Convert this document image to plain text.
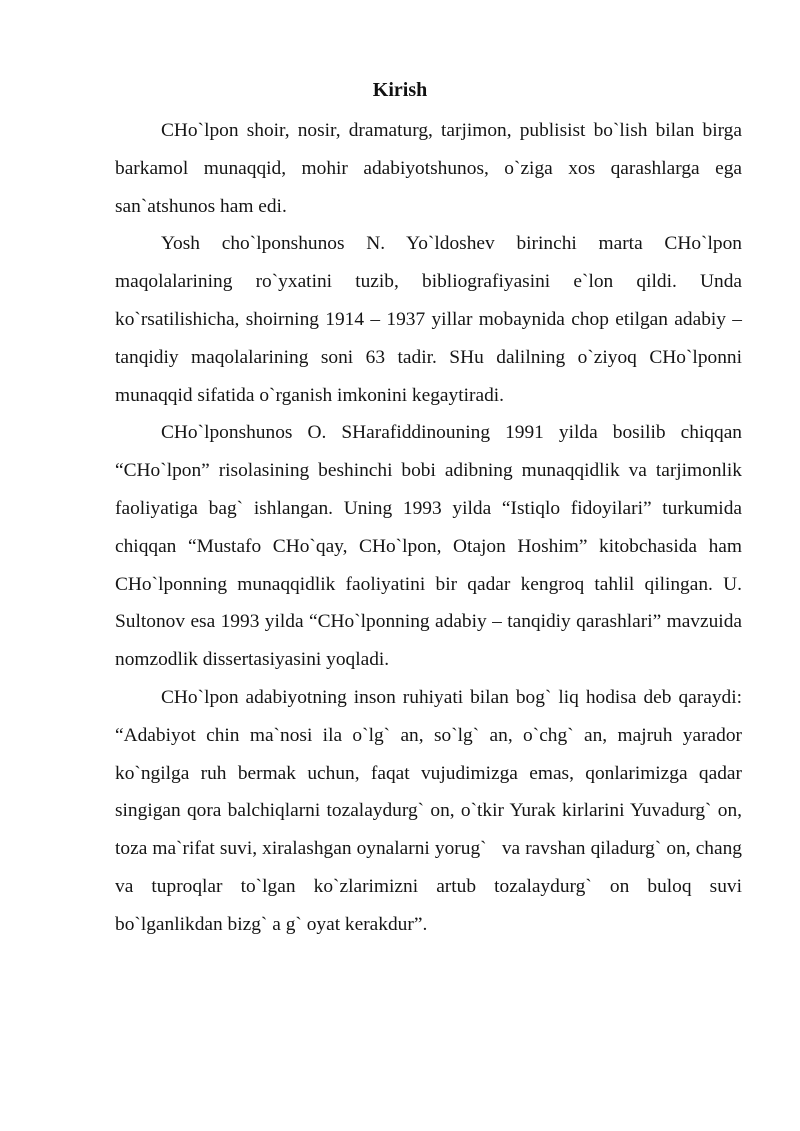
Kirish

CHo`lpon shoir, nosir, dramaturg, tarjimon, publisist bo`lish bilan birga barkamol munaqqid, mohir adabiyotshunos, o`ziga xos qarashlarga ega san`atshunos ham edi.

Yosh cho`lponshunos N. Yo`ldoshev birinchi marta CHo`lpon maqolalarining ro`yxatini tuzib, bibliografiyasini e`lon qildi. Unda ko`rsatilishicha, shoirning 1914 – 1937 yillar mobaynida chop etilgan adabiy – tanqidiy maqolalarining soni 63 tadir. SHu dalilning o`ziyoq CHo`lponni munaqqid sifatida o`rganish imkonini kegaytiradi.

CHo`lponshunos O. SHarafiddinouning 1991 yilda bosilib chiqqan “CHo`lpon” risolasining beshinchi bobi adibning munaqqidlik va tarjimonlik faoliyatiga bag` ishlangan. Uning 1993 yilda “Istiqlo fidoyilari” turkumida chiqqan “Mustafo CHo`qay, CHo`lpon, Otajon Hoshim” kitobchasida ham CHo`lponning munaqqidlik faoliyatini bir qadar kengroq tahlil qilingan. U. Sultonov esa 1993 yilda “CHo`lponning adabiy – tanqidiy qarashlari” mavzuida nomzodlik dissertasiyasini yoqladi.

CHo`lpon adabiyotning inson ruhiyati bilan bog` liq hodisa deb qaraydi: “Adabiyot chin ma`nosi ila o`lg` an, so`lg` an, o`chg` an, majruh yarador ko`ngilga ruh bermak uchun, faqat vujudimizga emas, qonlarimizga qadar singigan qora balchiqlarni tozalaydurg` on, o`tkir Yurak kirlarini Yuvadurg` on, toza ma`rifat suvi, xiralashgan oynalarni yorug`   va ravshan qiladurg` on, chang va tuproqlar to`lgan ko`zlarimizni artub tozalaydurg` on buloq suvi bo`lganlikdan bizg` a g` oyat kerakdur”.
